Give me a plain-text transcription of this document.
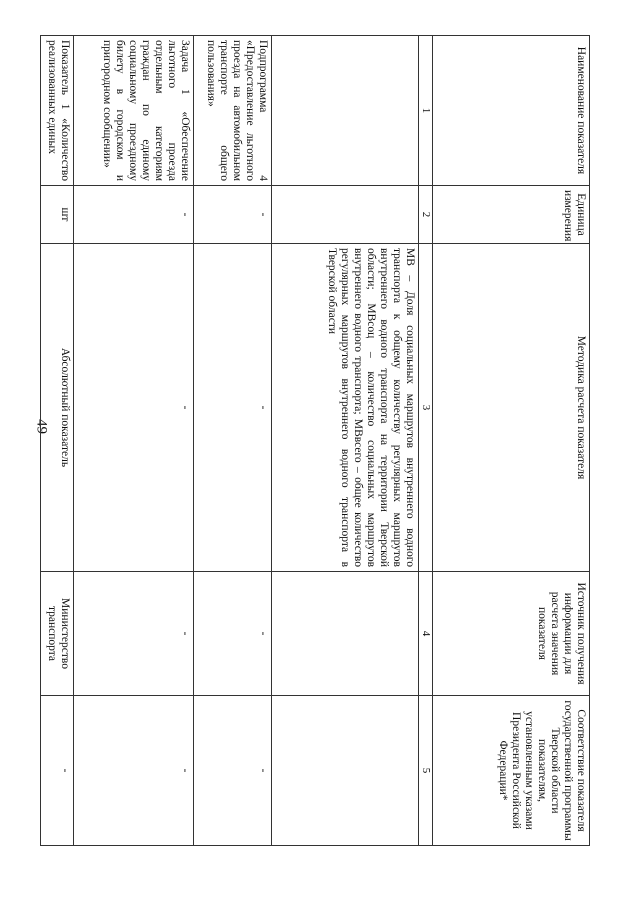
49
Наименование показателя	Единица измерения	Методика расчета показателя	Источник получения информации для расчета значения показателя	Соответствие показателя государственной программы Тверской области показателям, установленным указами Президента Российской Федерации*
1	2	3	4	5
		МВ – Доля социальных маршрутов внутреннего водного транспорта к общему количеству регулярных маршрутов внутреннего водного транспорта на территории Тверской области; МВсоц – количество социальных маршрутов внутреннего водного транспорта; МВвсего – общее количество регулярных маршрутов внутреннего водного транспорта в Тверской области		
Подпрограмма 4 «Предоставление льготного проезда на автомобильном транспорте общего пользования»	-	-	-	-
Задача 1 «Обеспечение льготного проезда отдельным категориям граждан по единому социальному проездному билету в городском и пригородном сообщении»	-	-	-	-
Показатель 1 «Количество реализованных единых	шт	Абсолютный показатель	Министерство транспорта	-
